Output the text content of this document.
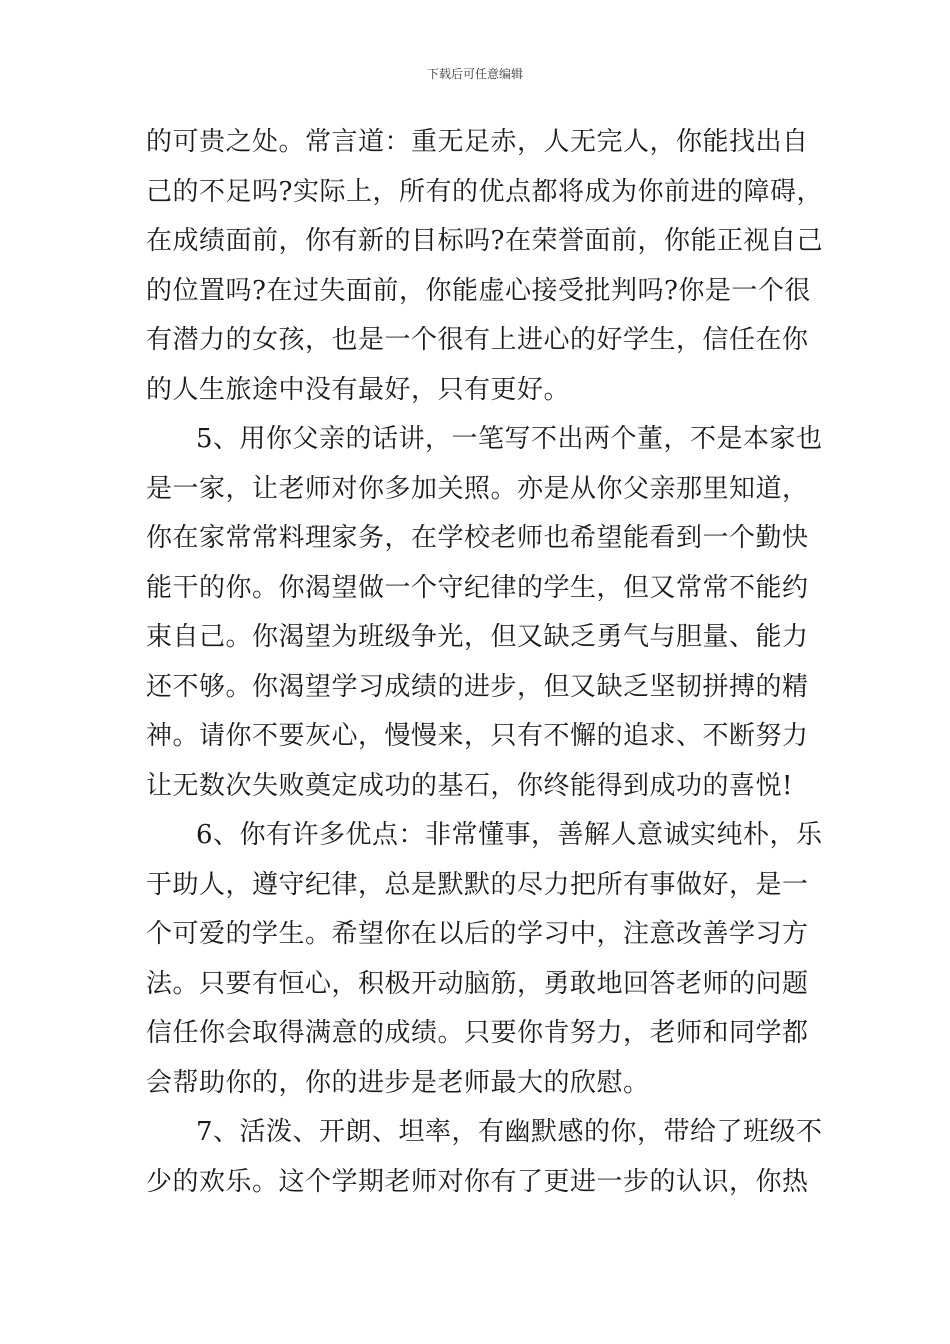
下载后可任意编辑
的可贵之处。常言道：重无足赤，人无完人，你能找出自
己的不足吗?实际上，所有的优点都将成为你前进的障碍，
在成绩面前，你有新的目标吗?在荣誉面前，你能正视自己
的位置吗?在过失面前，你能虚心接受批判吗?你是一个很
有潜力的女孩，也是一个很有上进心的好学生，信任在你
的人生旅途中没有最好，只有更好。
5、用你父亲的话讲，一笔写不出两个董，不是本家也
是一家，让老师对你多加关照。亦是从你父亲那里知道，
你在家常常料理家务，在学校老师也希望能看到一个勤快
能干的你。你渴望做一个守纪律的学生，但又常常不能约
束自己。你渴望为班级争光，但又缺乏勇气与胆量、能力
还不够。你渴望学习成绩的进步，但又缺乏坚韧拼搏的精
神。请你不要灰心，慢慢来，只有不懈的追求、不断努力
让无数次失败奠定成功的基石，你终能得到成功的喜悦!
6、你有许多优点：非常懂事，善解人意诚实纯朴，乐
于助人，遵守纪律，总是默默的尽力把所有事做好，是一
个可爱的学生。希望你在以后的学习中，注意改善学习方
法。只要有恒心，积极开动脑筋，勇敢地回答老师的问题
信任你会取得满意的成绩。只要你肯努力，老师和同学都
会帮助你的，你的进步是老师最大的欣慰。
7、活泼、开朗、坦率，有幽默感的你，带给了班级不
少的欢乐。这个学期老师对你有了更进一步的认识，你热
